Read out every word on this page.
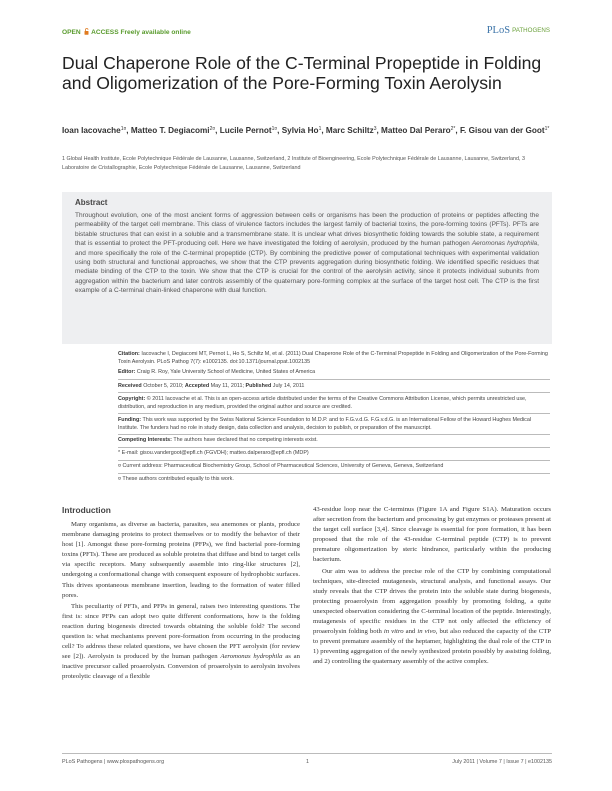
OPEN ACCESS Freely available online	PLoS PATHOGENS
Dual Chaperone Role of the C-Terminal Propeptide in Folding and Oligomerization of the Pore-Forming Toxin Aerolysin
Ioan Iacovache$^{1¤}$, Matteo T. Degiacomi$^{2¤}$, Lucile Pernot$^{1¤}$, Sylvia Ho$^1$, Marc Schiltz$^3$, Matteo Dal Peraro$^{2*}$, F. Gisou van der Goot$^{1*}$
1 Global Health Institute, Ecole Polytechnique Fédérale de Lausanne, Lausanne, Switzerland, 2 Institute of Bioengineering, Ecole Polytechnique Fédérale de Lausanne, Lausanne, Switzerland, 3 Laboratoire de Cristallographie, Ecole Polytechnique Fédérale de Lausanne, Lausanne, Switzerland
Abstract

Throughout evolution, one of the most ancient forms of aggression between cells or organisms has been the production of proteins or peptides affecting the permeability of the target cell membrane. This class of virulence factors includes the largest family of bacterial toxins, the pore-forming toxins (PFTs). PFTs are bistable structures that can exist in a soluble and a transmembrane state. It is unclear what drives biosynthetic folding towards the soluble state, a requirement that is essential to protect the PFT-producing cell. Here we have investigated the folding of aerolysin, produced by the human pathogen Aeromonas hydrophila, and more specifically the role of the C-terminal propeptide (CTP). By combining the predictive power of computational techniques with experimental validation using both structural and functional approaches, we show that the CTP prevents aggregation during biosynthetic folding. We identified specific residues that mediate binding of the CTP to the toxin. We show that the CTP is crucial for the control of the aerolysin activity, since it protects individual subunits from aggregation within the bacterium and later controls assembly of the quaternary pore-forming complex at the surface of the target host cell. The CTP is the first example of a C-terminal chain-linked chaperone with dual function.

Citation: Iacovache I, Degiacomi MT, Pernot L, Ho S, Schiltz M, et al. (2011) Dual Chaperone Role of the C-Terminal Propeptide in Folding and Oligomerization of the Pore-Forming Toxin Aerolysin. PLoS Pathog 7(7): e1002135. doi:10.1371/journal.ppat.1002135
Editor: Craig R. Roy, Yale University School of Medicine, United States of America
Received October 5, 2010; Accepted May 11, 2011; Published July 14, 2011
Copyright: © 2011 Iacovache et al. This is an open-access article distributed under the terms of the Creative Commons Attribution License, which permits unrestricted use, distribution, and reproduction in any medium, provided the original author and source are credited.
Funding: This work was supported by the Swiss National Science Foundation to M.D.P. and to F.G.v.d.G. F.G.v.d.G. is an International Fellow of the Howard Hughes Medical Institute. The funders had no role in study design, data collection and analysis, decision to publish, or preparation of the manuscript.
Competing Interests: The authors have declared that no competing interests exist.
* E-mail: gisou.vandergoot@epfl.ch (FGVDH); matteo.dalperaro@epfl.ch (MDP)
¤ Current address: Pharmaceutical Biochemistry Group, School of Pharmaceutical Sciences, University of Geneva, Geneva, Switzerland
¤ These authors contributed equally to this work.
Introduction

Many organisms, as diverse as bacteria, parasites, sea anemones or plants, produce membrane damaging proteins to protect themselves or to modify the behavior of their host [1]. Amongst these pore-forming proteins (PFPs), we find bacterial pore-forming toxins (PFTs). These are produced as soluble proteins that diffuse and bind to target cells via specific receptors. Many subsequently assemble into ring-like structures [2], undergoing a conformational change with consequent exposure of hydrophobic surfaces. This drives spontaneous membrane insertion, leading to the formation of water filled pores.

This peculiarity of PFTs, and PFPs in general, raises two interesting questions. The first is: since PFPs can adopt two quite different conformations, how is the folding reaction during biogenesis directed towards obtaining the soluble fold? The second question is: what mechanisms prevent pore-formation from occurring in the producing cell? To address these related questions, we have chosen the PFT aerolysin (for review see [2]). Aerolysin is produced by the human pathogen Aeromonas hydrophila as an inactive precursor called proaerolysin. Conversion of proaerolysin to aerolysin involves proteolytic cleavage of a flexible

43-residue loop near the C-terminus (Figure 1A and Figure S1A). Maturation occurs after secretion from the bacterium and processing by gut enzymes or proteases present at the target cell surface [3,4]. Since cleavage is essential for pore formation, it has been proposed that the role of the 43-residue C-terminal peptide (CTP) is to prevent premature oligomerization by steric hindrance, particularly within the producing bacterium.

Our aim was to address the precise role of the CTP by combining computational techniques, site-directed mutagenesis, structural analysis, and functional assays. Our study reveals that the CTP drives the protein into the soluble state during biogenesis, protecting proaerolysin from aggregation possibly by promoting folding, a quite unexpected observation considering the C-terminal location of the peptide. Interestingly, mutagenesis of specific residues in the CTP not only affected the efficiency of proaerolysin folding both in vitro and in vivo, but also reduced the capacity of the CTP to prevent premature assembly of the heptamer, highlighting the dual role of the CTP in 1) preventing aggregation of the newly synthesized protein possibly by assisting folding, and 2) controlling the quaternary assembly of the active complex.

PLoS Pathogens | www.plospathogens.org	1	July 2011 | Volume 7 | Issue 7 | e1002135
